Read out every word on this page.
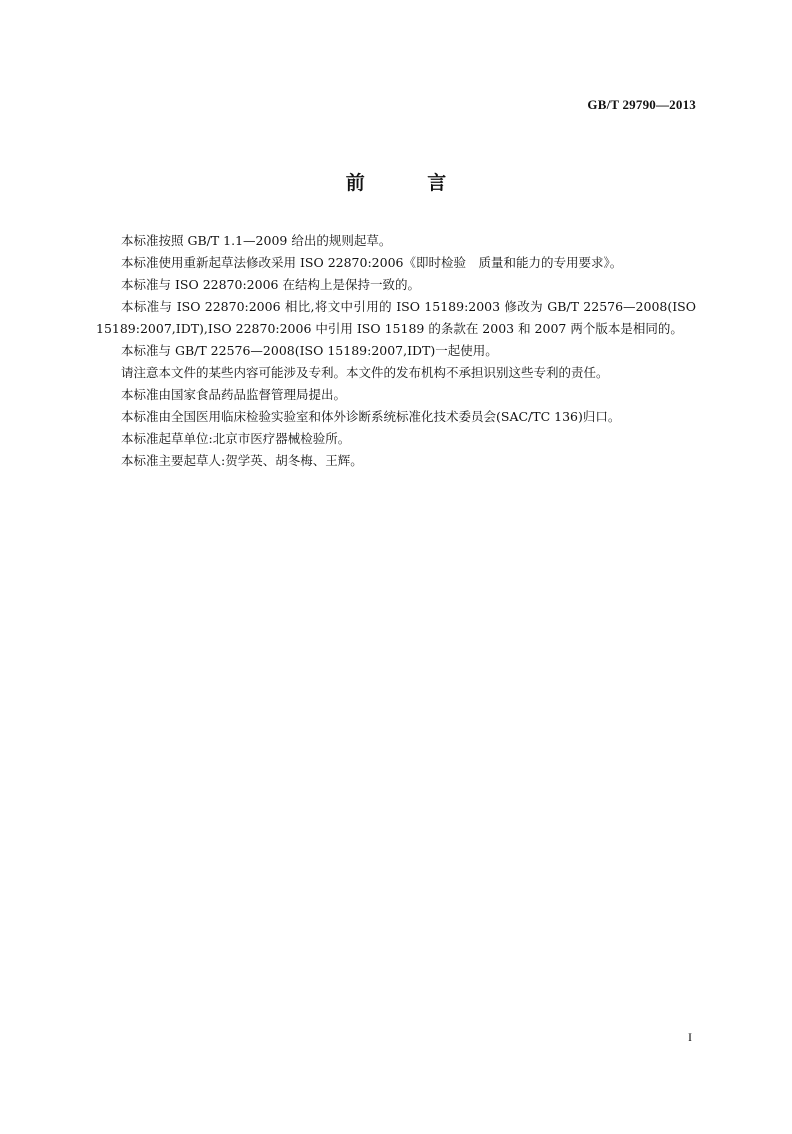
GB/T 29790—2013
前 言

本标准按照 GB/T 1.1—2009 给出的规则起草。

本标准使用重新起草法修改采用 ISO 22870:2006《即时检验　质量和能力的专用要求》。

本标准与 ISO 22870:2006 在结构上是保持一致的。

本标准与 ISO 22870:2006 相比,将文中引用的 ISO 15189:2003 修改为 GB/T 22576—2008(ISO 15189:2007,IDT),ISO 22870:2006 中引用 ISO 15189 的条款在 2003 和 2007 两个版本是相同的。

本标准与 GB/T 22576—2008(ISO 15189:2007,IDT)一起使用。

请注意本文件的某些内容可能涉及专利。本文件的发布机构不承担识别这些专利的责任。

本标准由国家食品药品监督管理局提出。

本标准由全国医用临床检验实验室和体外诊断系统标准化技术委员会(SAC/TC 136)归口。

本标准起草单位:北京市医疗器械检验所。

本标准主要起草人:贺学英、胡冬梅、王辉。

I
